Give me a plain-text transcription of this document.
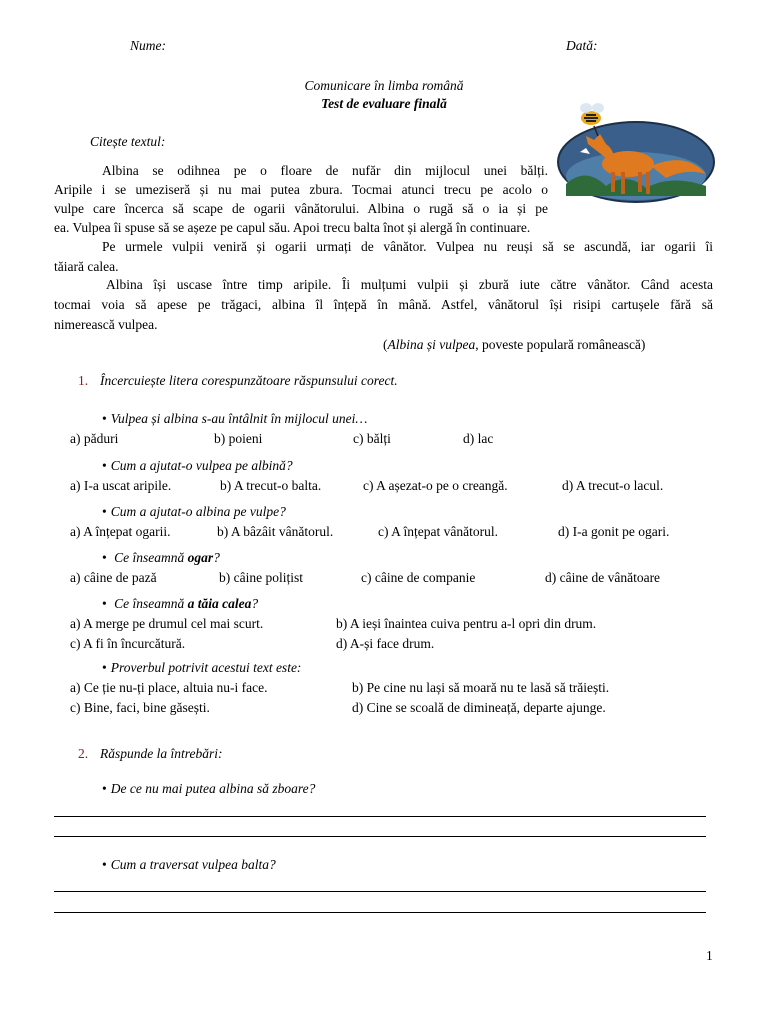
Nume:	Dată:
Comunicare în limba română
Test de evaluare finală
Citește textul:
Albina se odihnea pe o floare de nufăr din mijlocul unei bălți.
Aripile i se umeziseră și nu mai putea zbura. Tocmai atunci trecu pe acolo o
vulpe care încerca să scape de ogarii vânătorului. Albina o rugă să o ia și pe
ea. Vulpea îi spuse să se așeze pe capul său. Apoi trecu balta înot și alergă în continuare.
Pe urmele vulpii veniră și ogarii urmați de vânător. Vulpea nu reuși să se ascundă, iar ogarii îi
tăiară calea.
Albina își uscase între timp aripile. Îi mulțumi vulpii și zbură iute către vânător. Când acesta
tocmai voia să apese pe trăgaci, albina îl înțepă în mână. Astfel, vânătorul își risipi cartușele fără să
nimerească vulpea.
(Albina și vulpea, poveste populară românească)
1. Încercuiește litera corespunzătoare răspunsului corect.
• Vulpea și albina s-au întâlnit în mijlocul unei…
a) păduri	b) poieni	c) bălți	d) lac
• Cum a ajutat-o vulpea pe albină?
a) I-a uscat aripile.	b) A trecut-o balta.	c) A așezat-o pe o creangă.	d) A trecut-o lacul.
• Cum a ajutat-o albina pe vulpe?
a) A înțepat ogarii.	b) A bâzâit vânătorul.	c) A înțepat vânătorul.	d) I-a gonit pe ogari.
• Ce înseamnă ogar?
a) câine de pază	b) câine polițist	c) câine de companie	d) câine de vânătoare
• Ce înseamnă a tăia calea?
a) A merge pe drumul cel mai scurt.	b) A ieși înaintea cuiva pentru a-l opri din drum.
c) A fi în încurcătură.	d) A-și face drum.
• Proverbul potrivit acestui text este:
a) Ce ție nu-ți place, altuia nu-i face.	b) Pe cine nu lași să moară nu te lasă să trăiești.
c) Bine, faci, bine găsești.	d) Cine se scoală de dimineață, departe ajunge.
2. Răspunde la întrebări:
• De ce nu mai putea albina să zboare?
• Cum a traversat vulpea balta?
1
